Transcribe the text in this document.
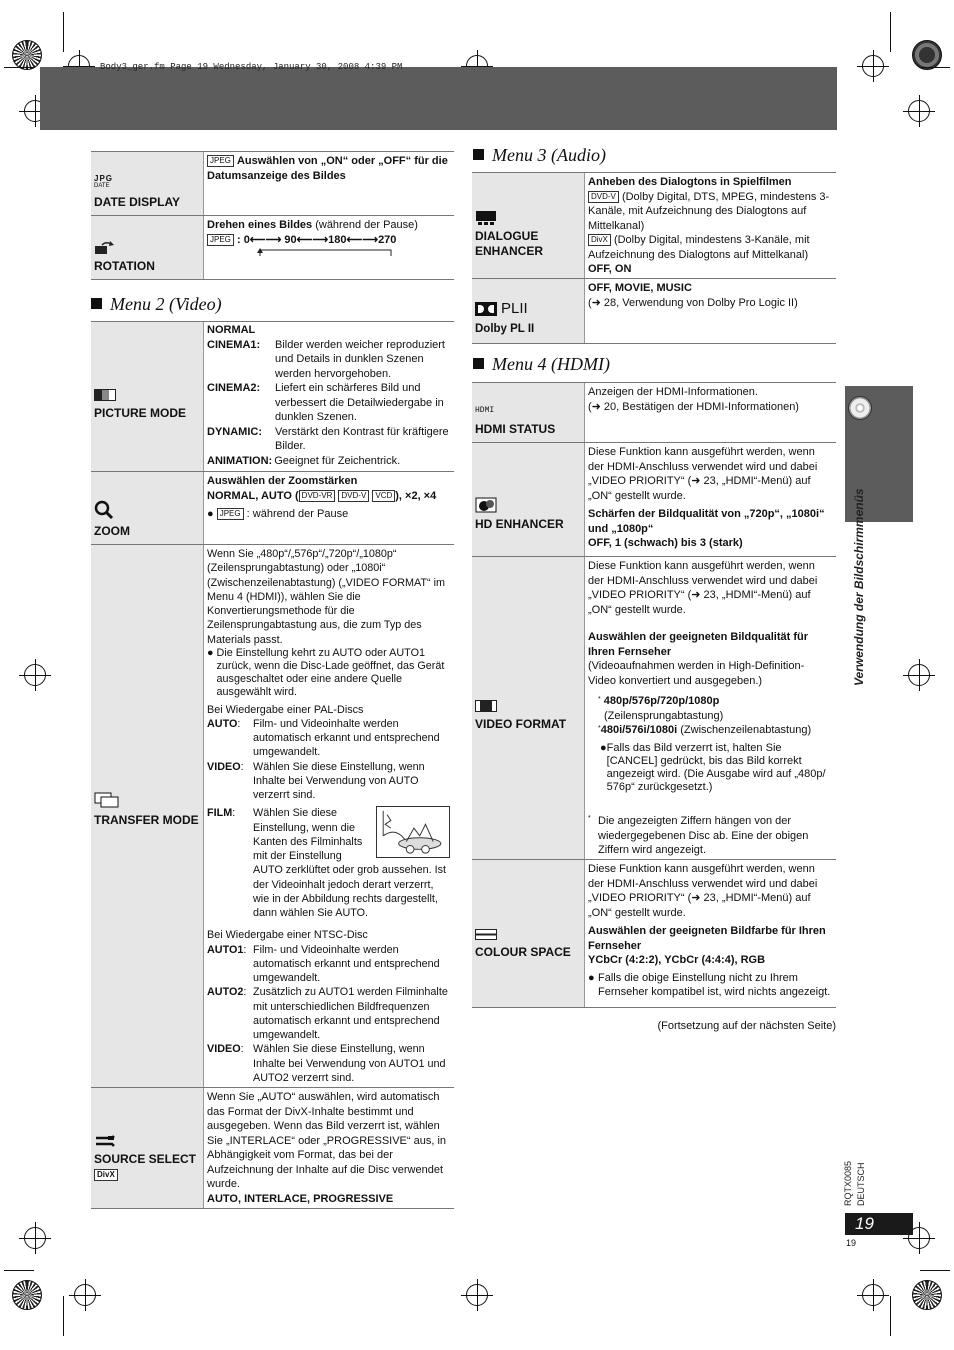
Body3_ger.fm Page 19 Wednesday, January 30, 2008 4:39 PM
JPG
DATE
DATE DISPLAY
JPEG Auswählen von „ON“ oder „OFF“ für die Datumsanzeige des Bildes
ROTATION
Drehen eines Bildes (während der Pause)
JPEG : 0⟵⟶ 90⟵⟶180⟵⟶270
Menu 2 (Video)
PICTURE MODE
NORMAL
CINEMA1:	Bilder werden weicher reproduziert und Details in dunklen Szenen werden hervorgehoben.
CINEMA2:	Liefert ein schärferes Bild und verbessert die Detailwiedergabe in dunklen Szenen.
DYNAMIC:	Verstärkt den Kontrast für kräftigere Bilder.
ANIMATION: Geeignet für Zeichentrick.
ZOOM
Auswählen der Zoomstärken
NORMAL, AUTO ( DVD-VR DVD-V VCD ), ×2, ×4
● JPEG : während der Pause
TRANSFER MODE
Wenn Sie „480p“/„576p“/„720p“/„1080p“ (Zeilensprungabtastung) oder „1080i“ (Zwischenzeilenabtastung) („VIDEO FORMAT“ im Menu 4 (HDMI)), wählen Sie die Konvertierungsmethode für die Zeilensprungabtastung aus, die zum Typ des Materials passt.
● Die Einstellung kehrt zu AUTO oder AUTO1 zurück, wenn die Disc-Lade geöffnet, das Gerät ausgeschaltet oder eine andere Quelle ausgewählt wird.
Bei Wiedergabe einer PAL-Discs
AUTO:	Film- und Videoinhalte werden automatisch erkannt und entsprechend umgewandelt.
VIDEO: Wählen Sie diese Einstellung, wenn Inhalte bei Verwendung von AUTO verzerrt sind.
FILM:	Wählen Sie diese Einstellung, wenn die Kanten des Filminhalts mit der Einstellung AUTO zerklüftet oder grob aussehen. Ist der Videoinhalt jedoch derart verzerrt, wie in der Abbildung rechts dargestellt, dann wählen Sie AUTO.
Bei Wiedergabe einer NTSC-Disc
AUTO1: Film- und Videoinhalte werden automatisch erkannt und entsprechend umgewandelt.
AUTO2: Zusätzlich zu AUTO1 werden Filminhalte mit unterschiedlichen Bildfrequenzen automatisch erkannt und entsprechend umgewandelt.
VIDEO: Wählen Sie diese Einstellung, wenn Inhalte bei Verwendung von AUTO1 und AUTO2 verzerrt sind.
SOURCE SELECT
DivX
Wenn Sie „AUTO“ auswählen, wird automatisch das Format der DivX-Inhalte bestimmt und ausgegeben. Wenn das Bild verzerrt ist, wählen Sie „INTERLACE“ oder „PROGRESSIVE“ aus, in Abhängigkeit vom Format, das bei der Aufzeichnung der Inhalte auf die Disc verwendet wurde.
AUTO, INTERLACE, PROGRESSIVE
Menu 3 (Audio)
DIALOGUE ENHANCER
Anheben des Dialogtons in Spielfilmen
DVD-V (Dolby Digital, DTS, MPEG, mindestens 3-Kanäle, mit Aufzeichnung des Dialogtons auf Mittelkanal)
DivX (Dolby Digital, mindestens 3-Kanäle, mit Aufzeichnung des Dialogtons auf Mittelkanal)
OFF, ON
PLII
Dolby PL II
OFF, MOVIE, MUSIC
(➜ 28, Verwendung von Dolby Pro Logic II)
Menu 4 (HDMI)
HDMI
HDMI STATUS
Anzeigen der HDMI-Informationen.
(➜ 20, Bestätigen der HDMI-Informationen)
HD ENHANCER
Diese Funktion kann ausgeführt werden, wenn der HDMI-Anschluss verwendet wird und dabei „VIDEO PRIORITY“ (➜ 23, „HDMI“-Menü) auf „ON“ gestellt wurde.
Schärfen der Bildqualität von „720p“, „1080i“ und „1080p“
OFF, 1 (schwach) bis 3 (stark)
VIDEO FORMAT
Diese Funktion kann ausgeführt werden, wenn der HDMI-Anschluss verwendet wird und dabei „VIDEO PRIORITY“ (➜ 23, „HDMI“-Menü) auf „ON“ gestellt wurde.
Auswählen der geeigneten Bildqualität für Ihren Fernseher
(Videoaufnahmen werden in High-Definition-Video konvertiert und ausgegeben.)
* 480p/576p/720p/1080p
(Zeilensprungabtastung)
*480i/576i/1080i (Zwischenzeilenabtastung)
● Falls das Bild verzerrt ist, halten Sie [CANCEL] gedrückt, bis das Bild korrekt angezeigt wird. (Die Ausgabe wird auf „480p/ 576p“ zurückgesetzt.)
* Die angezeigten Ziffern hängen von der wiedergegebenen Disc ab. Eine der obigen Ziffern wird angezeigt.
COLOUR SPACE
Diese Funktion kann ausgeführt werden, wenn der HDMI-Anschluss verwendet wird und dabei „VIDEO PRIORITY“ (➜ 23, „HDMI“-Menü) auf „ON“ gestellt wurde.
Auswählen der geeigneten Bildfarbe für Ihren Fernseher
YCbCr (4:2:2), YCbCr (4:4:4), RGB
● Falls die obige Einstellung nicht zu Ihrem Fernseher kompatibel ist, wird nichts angezeigt.
(Fortsetzung auf der nächsten Seite)
Verwendung der Bildschirmmenüs
RQTX0085 DEUTSCH
19
19
